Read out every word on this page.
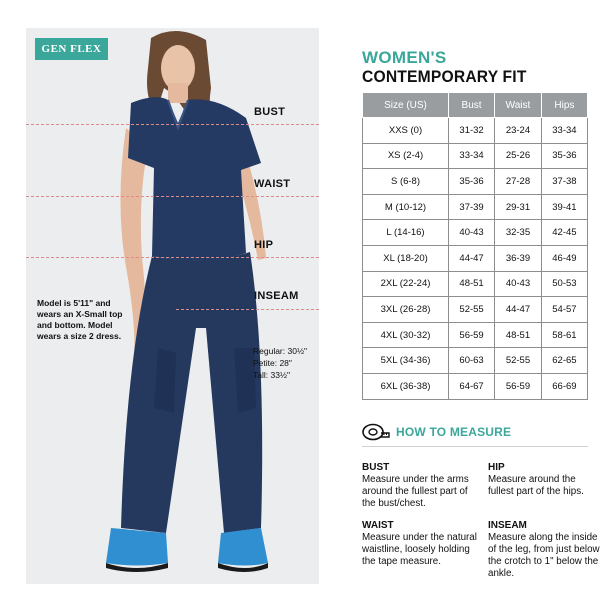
GEN FLEX
BUST
WAIST
HIP
INSEAM
Model is 5'11" and wears an X-Small top and bottom. Model wears a size 2 dress.
Regular: 30½"
Petite: 28"
Tall: 33½"
WOMEN'S
CONTEMPORARY FIT
Size (US)	Bust	Waist	Hips
XXS (0)	31-32	23-24	33-34
XS (2-4)	33-34	25-26	35-36
S (6-8)	35-36	27-28	37-38
M (10-12)	37-39	29-31	39-41
L (14-16)	40-43	32-35	42-45
XL (18-20)	44-47	36-39	46-49
2XL (22-24)	48-51	40-43	50-53
3XL (26-28)	52-55	44-47	54-57
4XL (30-32)	56-59	48-51	58-61
5XL (34-36)	60-63	52-55	62-65
6XL (36-38)	64-67	56-59	66-69
HOW TO MEASURE
BUST
Measure under the arms around the fullest part of the bust/chest.
HIP
Measure around the fullest part of the hips.
WAIST
Measure under the natural waistline, loosely holding the tape measure.
INSEAM
Measure along the inside of the leg, from just below the crotch to 1" below the ankle.
